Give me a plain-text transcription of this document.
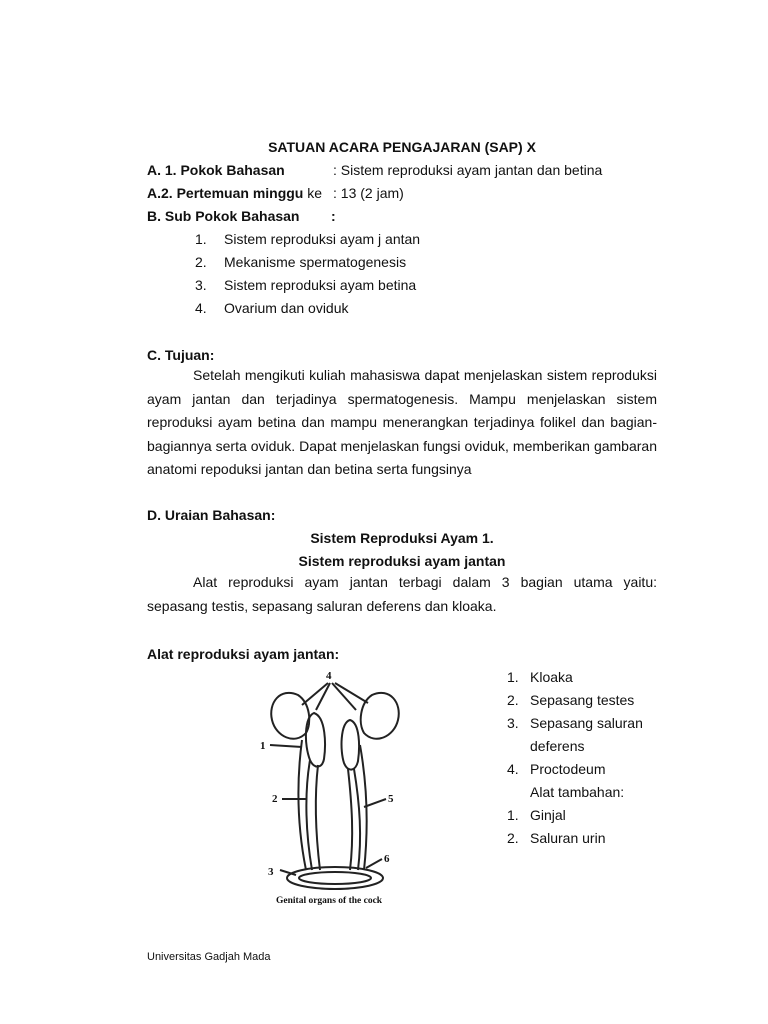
SATUAN ACARA PENGAJARAN (SAP) X
A. 1. Pokok Bahasan	: Sistem reproduksi ayam jantan dan betina
A.2. Pertemuan minggu ke : 13 (2 jam)
B. Sub Pokok Bahasan :
1. Sistem reproduksi ayam j antan
2. Mekanisme spermatogenesis
3. Sistem reproduksi ayam betina
4. Ovarium dan oviduk
C. Tujuan:
Setelah mengikuti kuliah mahasiswa dapat menjelaskan sistem reproduksi ayam jantan dan terjadinya spermatogenesis. Mampu menjelaskan sistem reproduksi ayam betina dan mampu menerangkan terjadinya folikel dan bagian-bagiannya serta oviduk. Dapat menjelaskan fungsi oviduk, memberikan gambaran anatomi repoduksi jantan dan betina serta fungsinya
D. Uraian Bahasan:
Sistem Reproduksi Ayam 1.
Sistem reproduksi ayam jantan
Alat reproduksi ayam jantan terbagi dalam 3 bagian utama yaitu: sepasang testis, sepasang saluran deferens dan kloaka.
Alat reproduksi ayam jantan:
1. Kloaka
2. Sepasang testes
3. Sepasang saluran
deferens
4. Proctodeum
Alat tambahan:
1. Ginjal
2. Saluran urin
4
1
2	5
3
6
Genital organs of the cock
Universitas Gadjah Mada
